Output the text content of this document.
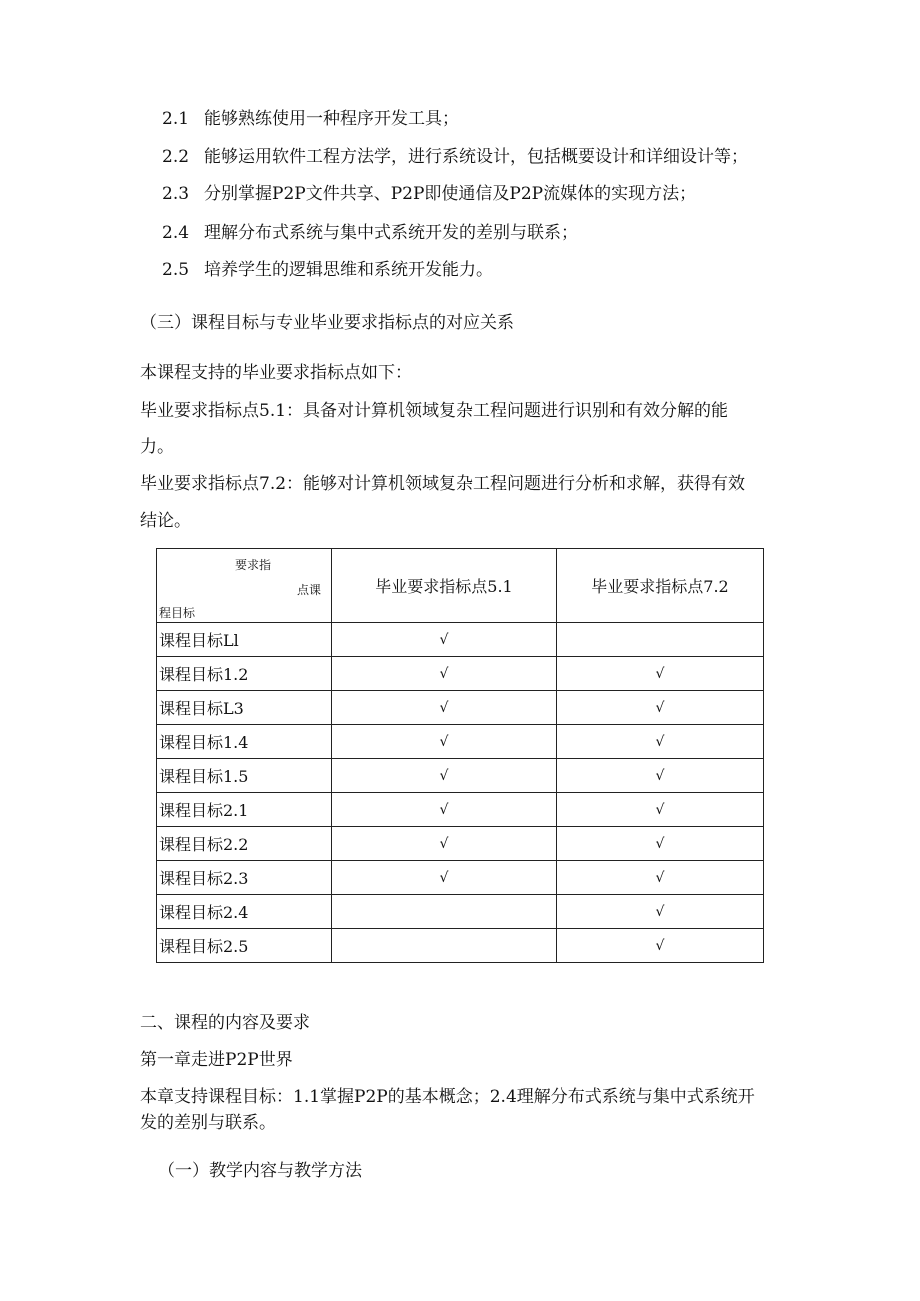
2.1 能够熟练使用一种程序开发工具；
2.2 能够运用软件工程方法学，进行系统设计，包括概要设计和详细设计等；
2.3 分别掌握P2P文件共享、P2P即使通信及P2P流媒体的实现方法；
2.4 理解分布式系统与集中式系统开发的差别与联系；
2.5 培养学生的逻辑思维和系统开发能力。
（三）课程目标与专业毕业要求指标点的对应关系
本课程支持的毕业要求指标点如下：
毕业要求指标点5.1：具备对计算机领域复杂工程问题进行识别和有效分解的能
力。
毕业要求指标点7.2：能够对计算机领域复杂工程问题进行分析和求解，获得有效
结论。
要求指
点课
程目标	毕业要求指标点5.1	毕业要求指标点7.2
课程目标Ll	√	
课程目标1.2	√	√
课程目标L3	√	√
课程目标1.4	√	√
课程目标1.5	√	√
课程目标2.1	√	√
课程目标2.2	√	√
课程目标2.3	√	√
课程目标2.4		√
课程目标2.5		√
二、课程的内容及要求
第一章走进P2P世界
本章支持课程目标：1.1掌握P2P的基本概念；2.4理解分布式系统与集中式系统开
发的差别与联系。
（一）教学内容与教学方法
